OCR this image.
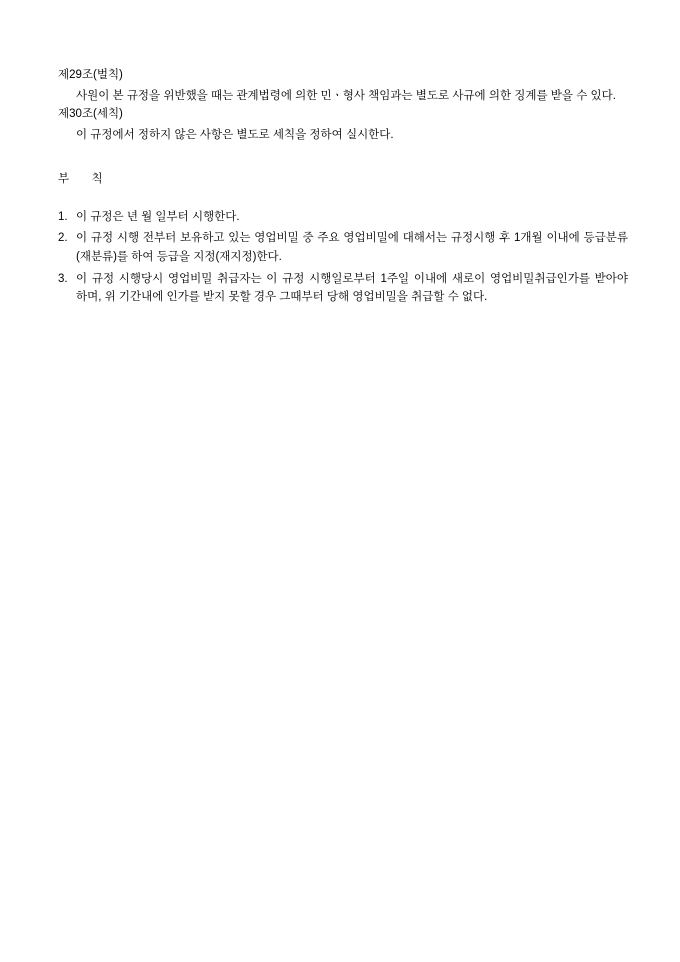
제29조(벌칙)

사원이 본 규정을 위반했을 때는 관계법령에 의한 민ㆍ형사 책임과는 별도로 사규에 의한 징계를 받을 수 있다.

제30조(세칙)

이 규정에서 정하지 않은 사항은 별도로 세칙을 정하여 실시한다.

부       칙

1. 이 규정은 년 월 일부터 시행한다.
2. 이 규정 시행 전부터 보유하고 있는 영업비밀 중 주요 영업비밀에 대해서는 규정시행 후 1개월 이내에 등급분류(재분류)를 하여 등급을 지정(재지정)한다.
3. 이 규정 시행당시 영업비밀 취급자는 이 규정 시행일로부터 1주일 이내에 새로이 영업비밀취급인가를 받아야 하며, 위 기간내에 인가를 받지 못할 경우 그때부터 당해 영업비밀을 취급할 수 없다.
